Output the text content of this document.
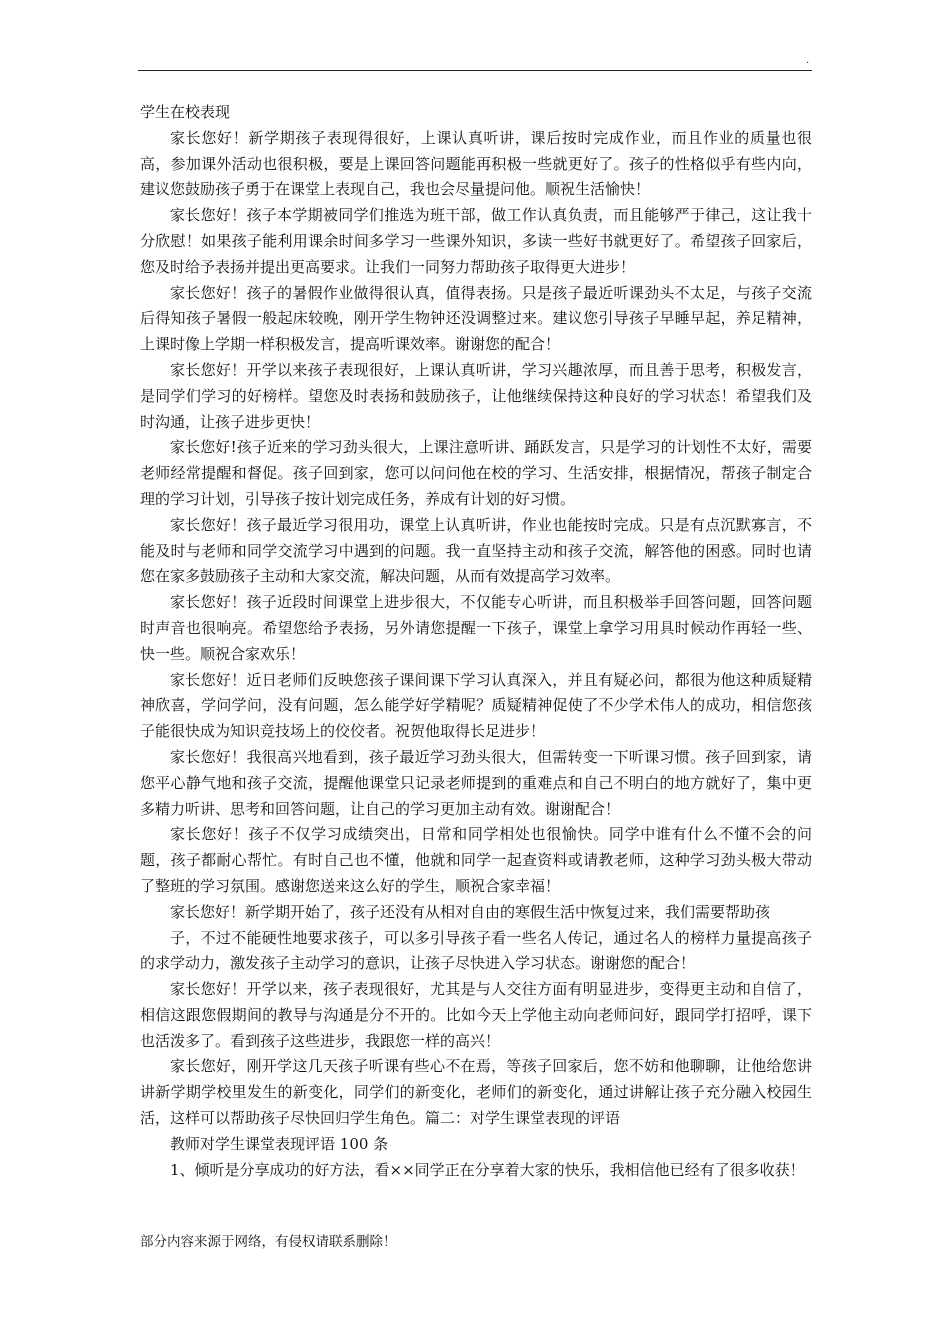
.

学生在校表现

家长您好！新学期孩子表现得很好，上课认真听讲，课后按时完成作业，而且作业的质量也很高，参加课外活动也很积极，要是上课回答问题能再积极一些就更好了。孩子的性格似乎有些内向，建议您鼓励孩子勇于在课堂上表现自己，我也会尽量提问他。顺祝生活愉快！

家长您好！孩子本学期被同学们推选为班干部，做工作认真负责，而且能够严于律己，这让我十分欣慰！如果孩子能利用课余时间多学习一些课外知识，多读一些好书就更好了。希望孩子回家后，您及时给予表扬并提出更高要求。让我们一同努力帮助孩子取得更大进步！

家长您好！孩子的暑假作业做得很认真，值得表扬。只是孩子最近听课劲头不太足，与孩子交流后得知孩子暑假一般起床较晚，刚开学生物钟还没调整过来。建议您引导孩子早睡早起，养足精神，上课时像上学期一样积极发言，提高听课效率。谢谢您的配合！

家长您好！开学以来孩子表现很好，上课认真听讲，学习兴趣浓厚，而且善于思考，积极发言，是同学们学习的好榜样。望您及时表扬和鼓励孩子，让他继续保持这种良好的学习状态！希望我们及时沟通，让孩子进步更快！

家长您好!孩子近来的学习劲头很大，上课注意听讲、踊跃发言，只是学习的计划性不太好，需要老师经常提醒和督促。孩子回到家，您可以问问他在校的学习、生活安排，根据情况，帮孩子制定合理的学习计划，引导孩子按计划完成任务，养成有计划的好习惯。

家长您好！孩子最近学习很用功，课堂上认真听讲，作业也能按时完成。只是有点沉默寡言，不能及时与老师和同学交流学习中遇到的问题。我一直坚持主动和孩子交流，解答他的困惑。同时也请您在家多鼓励孩子主动和大家交流，解决问题，从而有效提高学习效率。

家长您好！孩子近段时间课堂上进步很大，不仅能专心听讲，而且积极举手回答问题，回答问题时声音也很响亮。希望您给予表扬，另外请您提醒一下孩子，课堂上拿学习用具时候动作再轻一些、快一些。顺祝合家欢乐！

家长您好！近日老师们反映您孩子课间课下学习认真深入，并且有疑必问，都很为他这种质疑精神欣喜，学问学问，没有问题，怎么能学好学精呢？质疑精神促使了不少学术伟人的成功，相信您孩子能很快成为知识竞技场上的佼佼者。祝贺他取得长足进步！

家长您好！我很高兴地看到，孩子最近学习劲头很大，但需转变一下听课习惯。孩子回到家，请您平心静气地和孩子交流，提醒他课堂只记录老师提到的重难点和自己不明白的地方就好了，集中更多精力听讲、思考和回答问题，让自己的学习更加主动有效。谢谢配合！

家长您好！孩子不仅学习成绩突出，日常和同学相处也很愉快。同学中谁有什么不懂不会的问题，孩子都耐心帮忙。有时自己也不懂，他就和同学一起查资料或请教老师，这种学习劲头极大带动了整班的学习氛围。感谢您送来这么好的学生，顺祝合家幸福！

家长您好！新学期开始了，孩子还没有从相对自由的寒假生活中恢复过来，我们需要帮助孩

子，不过不能硬性地要求孩子，可以多引导孩子看一些名人传记，通过名人的榜样力量提高孩子的求学动力，激发孩子主动学习的意识，让孩子尽快进入学习状态。谢谢您的配合！

家长您好！开学以来，孩子表现很好，尤其是与人交往方面有明显进步，变得更主动和自信了，相信这跟您假期间的教导与沟通是分不开的。比如今天上学他主动向老师问好，跟同学打招呼，课下也活泼多了。看到孩子这些进步，我跟您一样的高兴！

家长您好，刚开学这几天孩子听课有些心不在焉，等孩子回家后，您不妨和他聊聊，让他给您讲讲新学期学校里发生的新变化，同学们的新变化，老师们的新变化，通过讲解让孩子充分融入校园生活，这样可以帮助孩子尽快回归学生角色。篇二：对学生课堂表现的评语

教师对学生课堂表现评语 100 条

1、倾听是分享成功的好方法，看××同学正在分享着大家的快乐，我相信他已经有了很多收获！

部分内容来源于网络，有侵权请联系删除！
